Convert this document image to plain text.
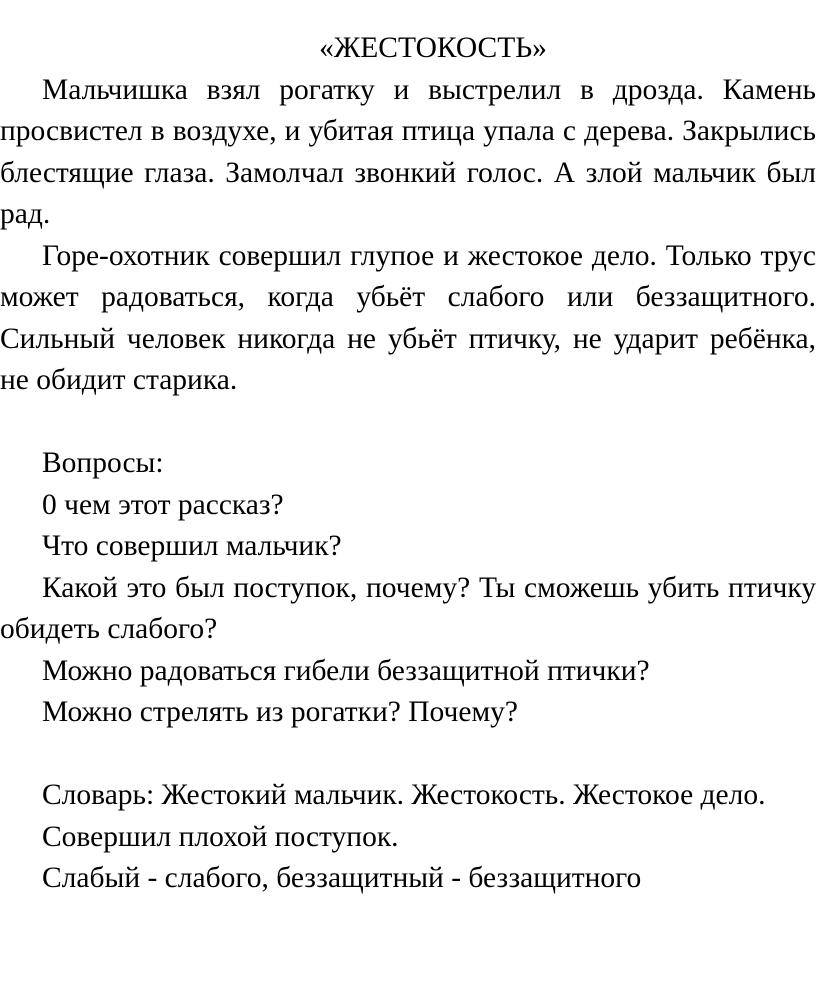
«ЖЕСТОКОСТЬ»

Мальчишка взял рогатку и выстрелил в дрозда. Камень просвистел в воздухе, и убитая птица упала с дерева. Закрылись блестящие глаза. Замолчал звонкий голос. А злой мальчик был рад.

Горе-охотник совершил глупое и жестокое дело. Только трус может радоваться, когда убьёт слабого или беззащитного. Сильный человек никогда не убьёт птичку, не ударит ребёнка, не обидит старика.

Вопросы:

0 чем этот рассказ?

Что совершил мальчик?

Какой это был поступок, почему? Ты сможешь убить птичку обидеть слабого?

Можно радоваться гибели беззащитной птички?

Можно стрелять из рогатки? Почему?

Словарь: Жестокий мальчик. Жестокость. Жестокое дело.

Совершил плохой поступок.

Слабый - слабого, беззащитный - беззащитного
